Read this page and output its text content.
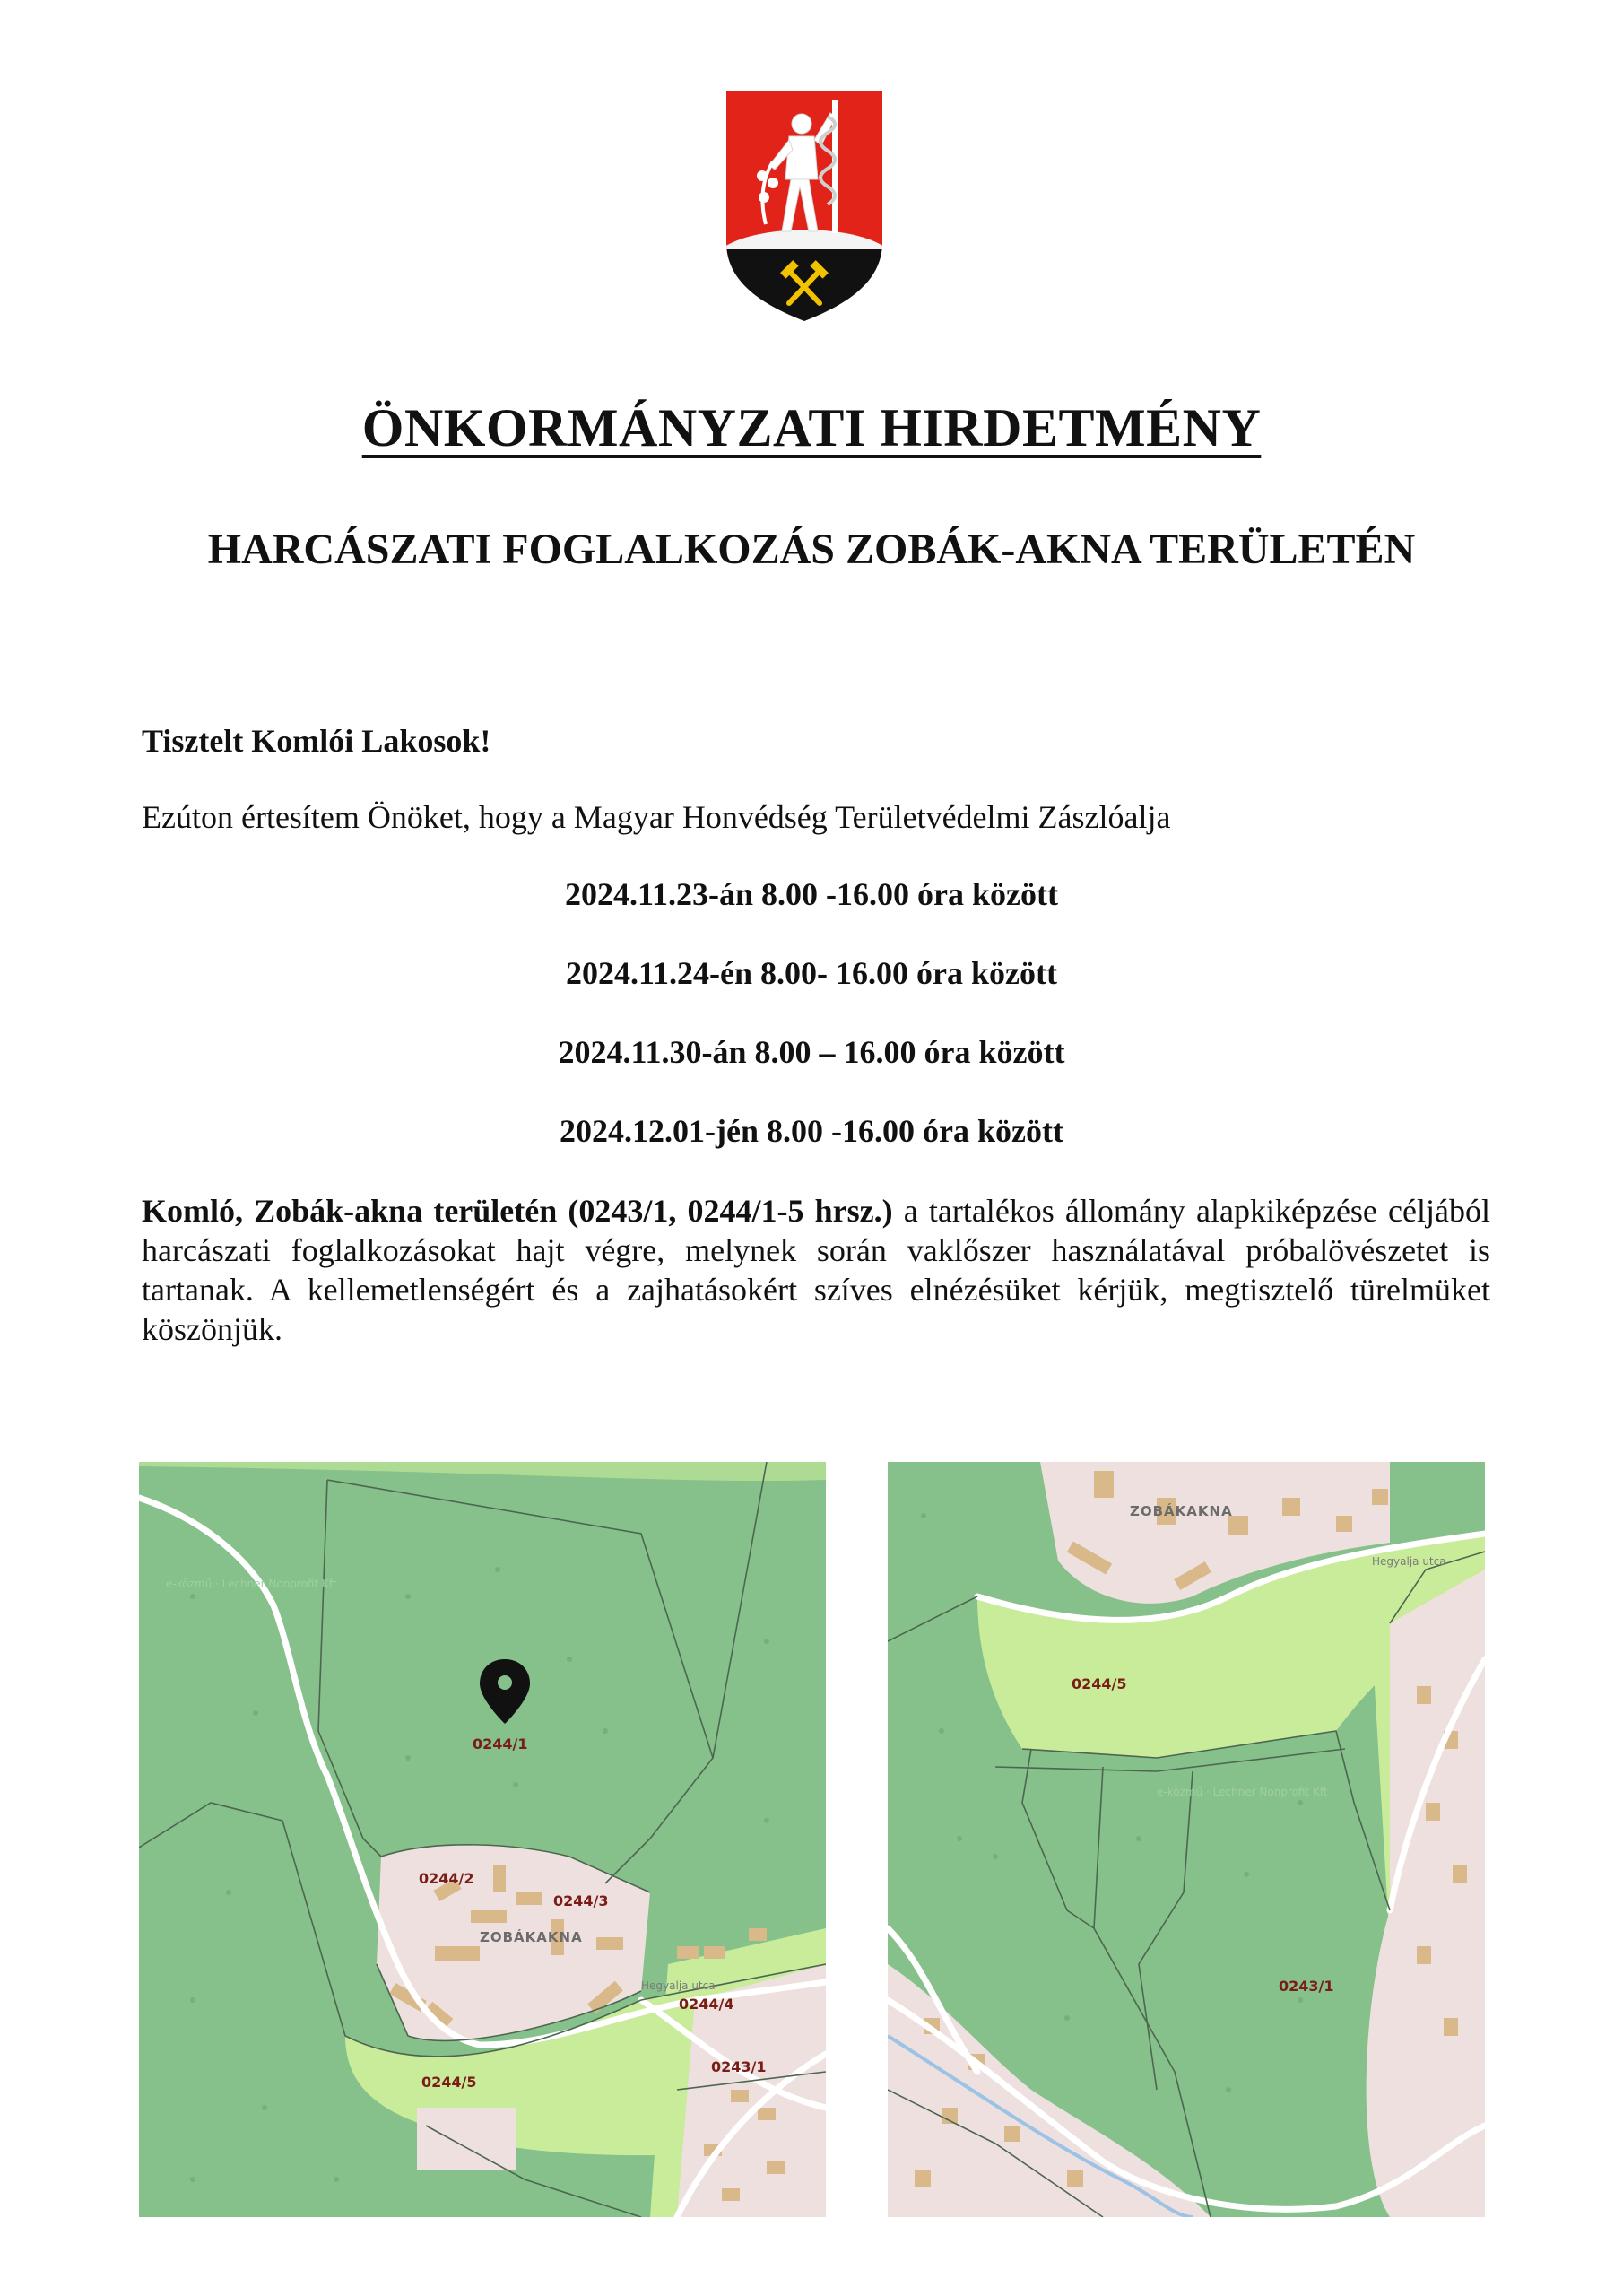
ÖNKORMÁNYZATI HIRDETMÉNY
HARCÁSZATI FOGLALKOZÁS ZOBÁK-AKNA TERÜLETÉN
Tisztelt Komlói Lakosok!
Ezúton értesítem Önöket, hogy a Magyar Honvédség Területvédelmi Zászlóalja
2024.11.23-án 8.00 -16.00 óra között
2024.11.24-én 8.00- 16.00 óra között
2024.11.30-án 8.00 – 16.00 óra között
2024.12.01-jén 8.00 -16.00 óra között
Komló, Zobák-akna területén (0243/1, 0244/1-5 hrsz.) a tartalékos állomány alapkiképzése céljából harcászati foglalkozásokat hajt végre, melynek során vaklőszer használatával próbalövészetet is tartanak. A kellemetlenségért és a zajhatásokért szíves elnézésüket kérjük, megtisztelő türelmüket köszönjük.
e-közmű · Lechner Nonprofit Kft
0244/1
0244/2
0244/3
0244/4
0244/5
0243/1
ZOBÁKAKNA
Hegyalja utca
e-közmű · Lechner Nonprofit Kft
0244/5
0243/1
ZOBÁKAKNA
Hegyalja utca
